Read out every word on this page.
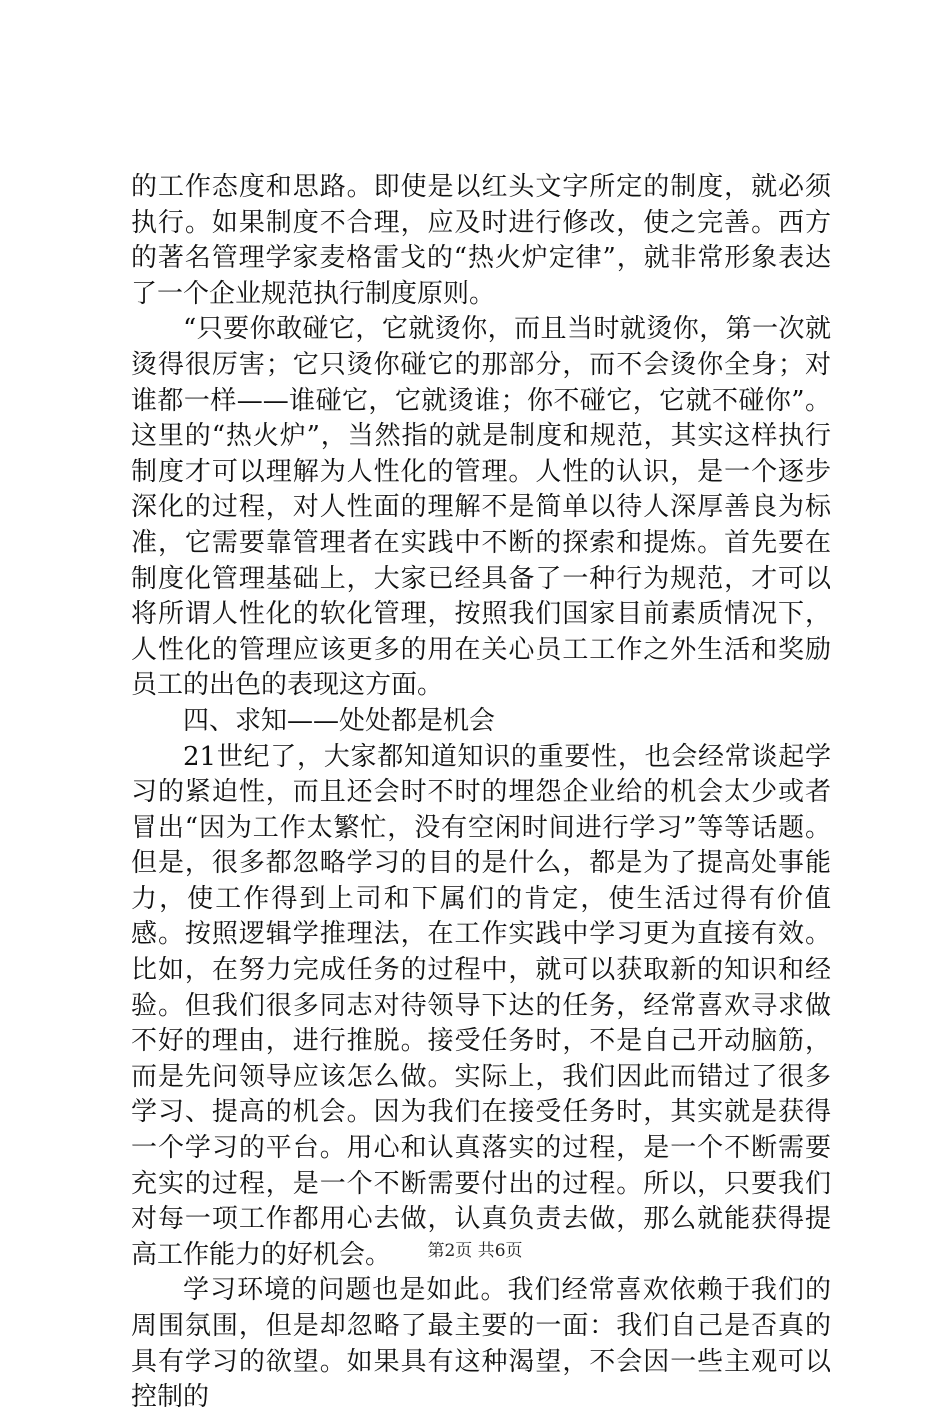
的工作态度和思路。即使是以红头文字所定的制度，就必须执行。如果制度不合理，应及时进行修改，使之完善。西方的著名管理学家麦格雷戈的“热火炉定律”，就非常形象表达了一个企业规范执行制度原则。

“只要你敢碰它，它就烫你，而且当时就烫你，第一次就烫得很厉害；它只烫你碰它的那部分，而不会烫你全身；对谁都一样——谁碰它，它就烫谁；你不碰它，它就不碰你”。这里的“热火炉”，当然指的就是制度和规范，其实这样执行制度才可以理解为人性化的管理。人性的认识，是一个逐步深化的过程，对人性面的理解不是简单以待人深厚善良为标准，它需要靠管理者在实践中不断的探索和提炼。首先要在制度化管理基础上，大家已经具备了一种行为规范，才可以将所谓人性化的软化管理，按照我们国家目前素质情况下，人性化的管理应该更多的用在关心员工工作之外生活和奖励员工的出色的表现这方面。

四、求知——处处都是机会

21世纪了，大家都知道知识的重要性，也会经常谈起学习的紧迫性，而且还会时不时的埋怨企业给的机会太少或者冒出“因为工作太繁忙，没有空闲时间进行学习”等等话题。但是，很多都忽略学习的目的是什么，都是为了提高处事能力，使工作得到上司和下属们的肯定，使生活过得有价值感。按照逻辑学推理法，在工作实践中学习更为直接有效。比如，在努力完成任务的过程中，就可以获取新的知识和经验。但我们很多同志对待领导下达的任务，经常喜欢寻求做不好的理由，进行推脱。接受任务时，不是自己开动脑筋，而是先问领导应该怎么做。实际上，我们因此而错过了很多学习、提高的机会。因为我们在接受任务时，其实就是获得一个学习的平台。用心和认真落实的过程，是一个不断需要充实的过程，是一个不断需要付出的过程。所以，只要我们对每一项工作都用心去做，认真负责去做，那么就能获得提高工作能力的好机会。

学习环境的问题也是如此。我们经常喜欢依赖于我们的周围氛围，但是却忽略了最主要的一面：我们自己是否真的具有学习的欲望。如果具有这种渴望，不会因一些主观可以控制的

第2页 共6页
